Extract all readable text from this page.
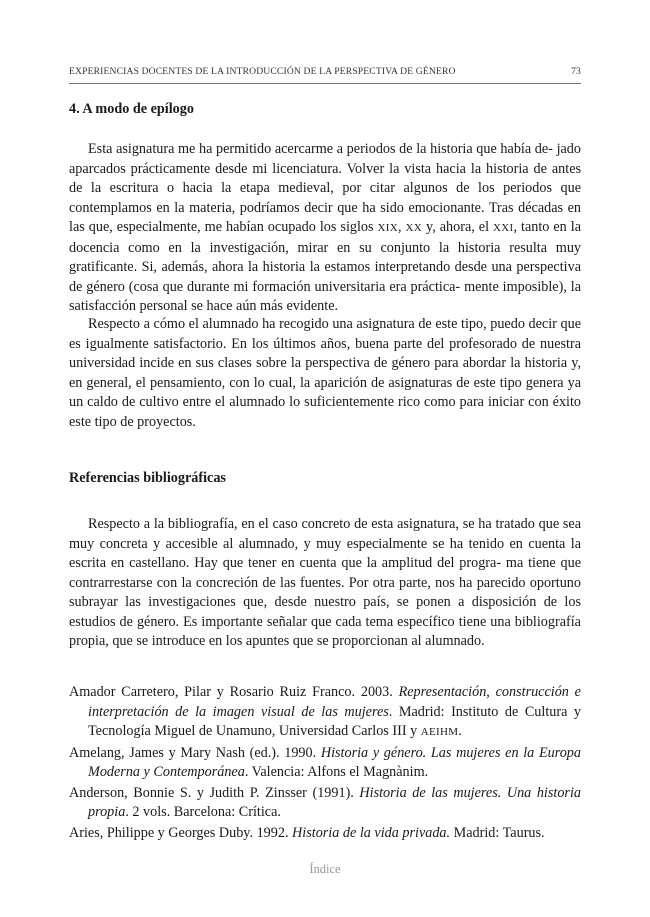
EXPERIENCIAS DOCENTES DE LA INTRODUCCIÓN DE LA PERSPECTIVA DE GÉNERO	73
4. A modo de epílogo

Esta asignatura me ha permitido acercarme a periodos de la historia que había de- jado aparcados prácticamente desde mi licenciatura. Volver la vista hacia la historia de antes de la escritura o hacia la etapa medieval, por citar algunos de los periodos que contemplamos en la materia, podríamos decir que ha sido emocionante. Tras décadas en las que, especialmente, me habían ocupado los siglos XIX, XX y, ahora, el XXI, tanto en la docencia como en la investigación, mirar en su conjunto la historia resulta muy gratificante. Si, además, ahora la historia la estamos interpretando desde una perspectiva de género (cosa que durante mi formación universitaria era práctica- mente imposible), la satisfacción personal se hace aún más evidente.

Respecto a cómo el alumnado ha recogido una asignatura de este tipo, puedo decir que es igualmente satisfactorio. En los últimos años, buena parte del profesorado de nuestra universidad incide en sus clases sobre la perspectiva de género para abordar la historia y, en general, el pensamiento, con lo cual, la aparición de asignaturas de este tipo genera ya un caldo de cultivo entre el alumnado lo suficientemente rico como para iniciar con éxito este tipo de proyectos.

Referencias bibliográficas

Respecto a la bibliografía, en el caso concreto de esta asignatura, se ha tratado que sea muy concreta y accesible al alumnado, y muy especialmente se ha tenido en cuenta la escrita en castellano. Hay que tener en cuenta que la amplitud del progra- ma tiene que contrarrestarse con la concreción de las fuentes. Por otra parte, nos ha parecido oportuno subrayar las investigaciones que, desde nuestro país, se ponen a disposición de los estudios de género. Es importante señalar que cada tema específico tiene una bibliografía propia, que se introduce en los apuntes que se proporcionan al alumnado.

Amador Carretero, Pilar y Rosario Ruiz Franco. 2003. Representación, construcción e interpretación de la imagen visual de las mujeres. Madrid: Instituto de Cultura y Tecnología Miguel de Unamuno, Universidad Carlos III y AEIHM.

Amelang, James y Mary Nash (ed.). 1990. Historia y género. Las mujeres en la Europa Moderna y Contemporánea. Valencia: Alfons el Magnànim.

Anderson, Bonnie S. y Judith P. Zinsser (1991). Historia de las mujeres. Una historia propia. 2 vols. Barcelona: Crítica.

Aries, Philippe y Georges Duby. 1992. Historia de la vida privada. Madrid: Taurus.

Índice
